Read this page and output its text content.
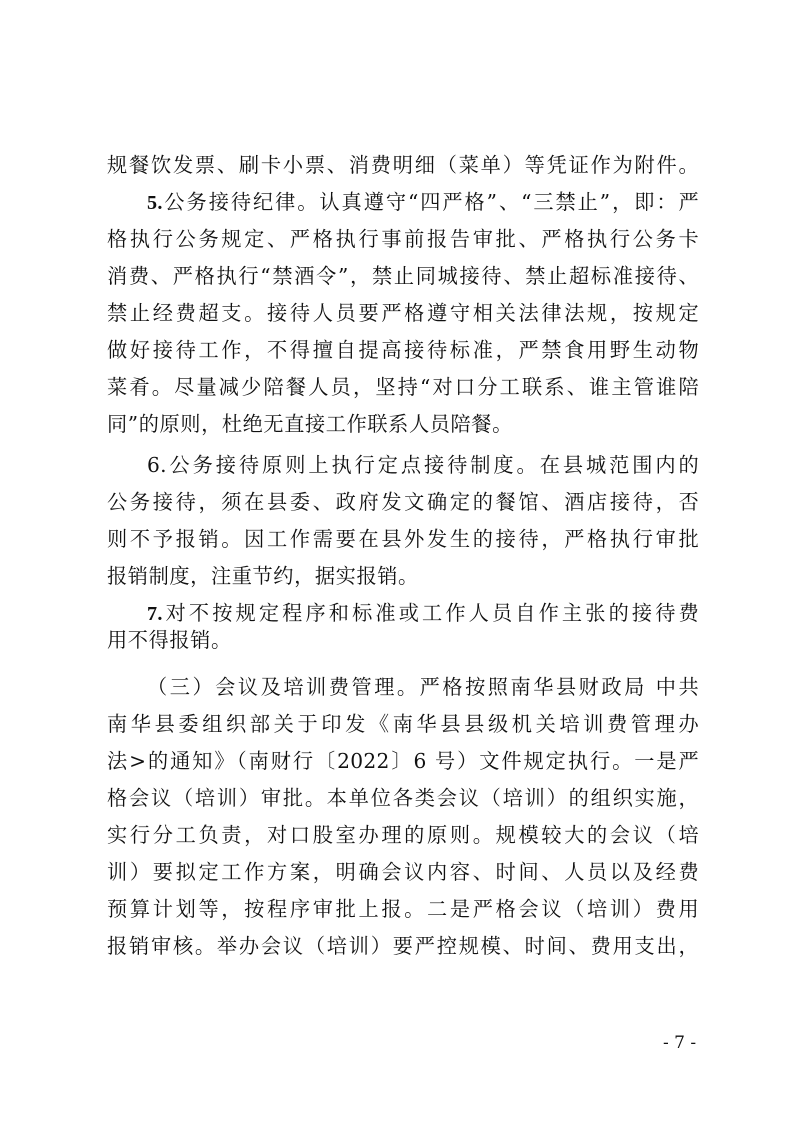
规餐饮发票、刷卡小票、消费明细（菜单）等凭证作为附件。
5.公务接待纪律。认真遵守“四严格”、“三禁止”，即：严
格执行公务规定、严格执行事前报告审批、严格执行公务卡
消费、严格执行“禁酒令”，禁止同城接待、禁止超标准接待、
禁止经费超支。接待人员要严格遵守相关法律法规，按规定
做好接待工作，不得擅自提高接待标准，严禁食用野生动物
菜肴。尽量减少陪餐人员，坚持“对口分工联系、谁主管谁陪
同”的原则，杜绝无直接工作联系人员陪餐。
6.公务接待原则上执行定点接待制度。在县城范围内的
公务接待，须在县委、政府发文确定的餐馆、酒店接待，否
则不予报销。因工作需要在县外发生的接待，严格执行审批
报销制度，注重节约，据实报销。
7.对不按规定程序和标准或工作人员自作主张的接待费
用不得报销。
（三）会议及培训费管理。严格按照南华县财政局 中共
南华县委组织部关于印发《南华县县级机关培训费管理办
法>的通知》（南财行〔2022〕6 号）文件规定执行。一是严
格会议（培训）审批。本单位各类会议（培训）的组织实施，
实行分工负责，对口股室办理的原则。规模较大的会议（培
训）要拟定工作方案，明确会议内容、时间、人员以及经费
预算计划等，按程序审批上报。二是严格会议（培训）费用
报销审核。举办会议（培训）要严控规模、时间、费用支出，
- 7 -
